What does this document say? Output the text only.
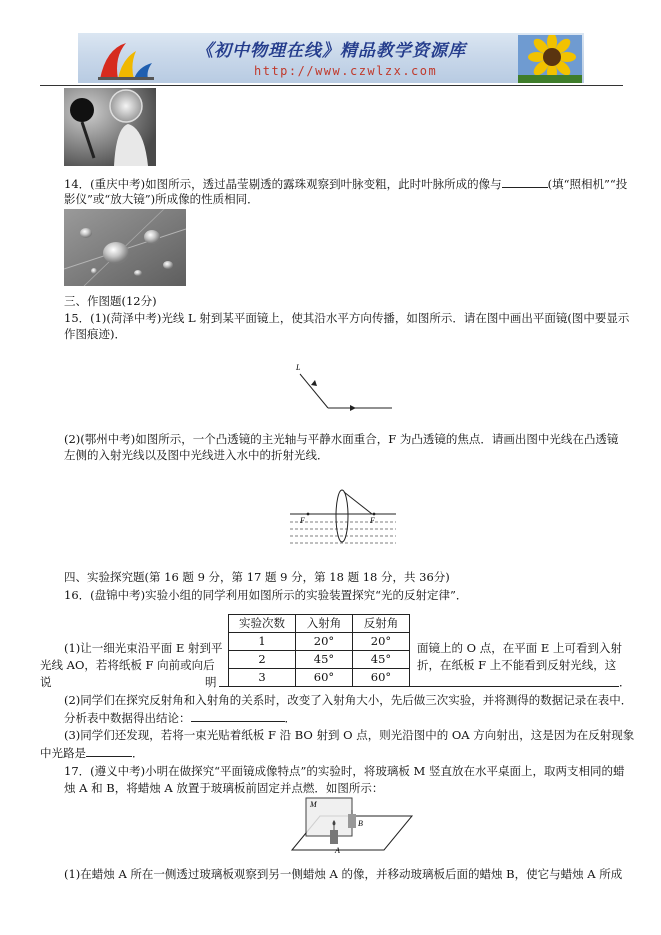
《初中物理在线》精品教学资源库
http://www.czwlzx.com
14．(重庆中考)如图所示，透过晶莹剔透的露珠观察到叶脉变粗，此时叶脉所成的像与	(填“照相机”“投
影仪”或“放大镜”)所成像的性质相同．
三、作图题(12分)
15．(1)(菏泽中考)光线 L 射到某平面镜上，使其沿水平方向传播，如图所示．请在图中画出平面镜(图中要显示
作图痕迹)．
L
(2)(鄂州中考)如图所示，一个凸透镜的主光轴与平静水面重合，F 为凸透镜的焦点．请画出图中光线在凸透镜
左侧的入射光线以及图中光线进入水中的折射光线．
F	F
四、实验探究题(第 16 题 9 分，第 17 题 9 分，第 18 题 18 分，共 36分)
16．(盘锦中考)实验小组的同学利用如图所示的实验装置探究“光的反射定律”．
实验次数	入射角	反射角
1	20°	20°
2	45°	45°
3	60°	60°
(1)让一细光束沿平面 E 射到平	面镜上的 O 点，在平面 E 上可看到入射
光线 AO，若将纸板 F 向前或向后	折，在纸板 F 上不能看到反射光线，这
说	明	．
(2)同学们在探究反射角和入射角的关系时，改变了入射角大小，先后做三次实验，并将测得的数据记录在表中．
分析表中数据得出结论：	．
(3)同学们还发现，若将一束光贴着纸板 F 沿 BO 射到 O 点，则光沿图中的 OA 方向射出，这是因为在反射现象
中光路是	．
17．(遵义中考)小明在做探究“平面镜成像特点”的实验时，将玻璃板 M 竖直放在水平桌面上，取两支相同的蜡
烛 A 和 B，将蜡烛 A 放置于玻璃板前固定并点燃．如图所示：
M
A
B
(1)在蜡烛 A 所在一侧透过玻璃板观察到另一侧蜡烛 A 的像，并移动玻璃板后面的蜡烛 B，使它与蜡烛 A 所成
